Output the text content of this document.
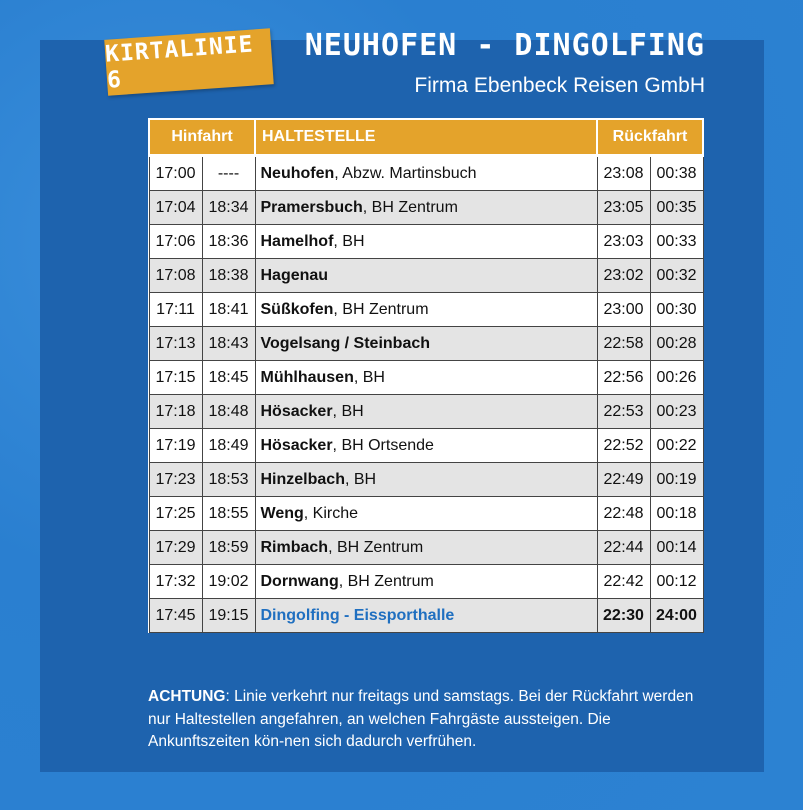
KIRTALINIE 6
NEUHOFEN - DINGOLFING
Firma Ebenbeck Reisen GmbH
Hinfahrt		HALTESTELLE	Rückfahrt	
17:00	----	Neuhofen, Abzw. Martinsbuch	23:08	00:38
17:04	18:34	Pramersbuch, BH Zentrum	23:05	00:35
17:06	18:36	Hamelhof, BH	23:03	00:33
17:08	18:38	Hagenau	23:02	00:32
17:11	18:41	Süßkofen, BH Zentrum	23:00	00:30
17:13	18:43	Vogelsang / Steinbach	22:58	00:28
17:15	18:45	Mühlhausen, BH	22:56	00:26
17:18	18:48	Hösacker, BH	22:53	00:23
17:19	18:49	Hösacker, BH Ortsende	22:52	00:22
17:23	18:53	Hinzelbach, BH	22:49	00:19
17:25	18:55	Weng, Kirche	22:48	00:18
17:29	18:59	Rimbach, BH Zentrum	22:44	00:14
17:32	19:02	Dornwang, BH Zentrum	22:42	00:12
17:45	19:15	Dingolfing - Eissporthalle	22:30	24:00
ACHTUNG: Linie verkehrt nur freitags und samstags. Bei der Rückfahrt werden nur Haltestellen angefahren, an welchen Fahrgäste aussteigen. Die Ankunftszeiten kön-nen sich dadurch verfrühen.
